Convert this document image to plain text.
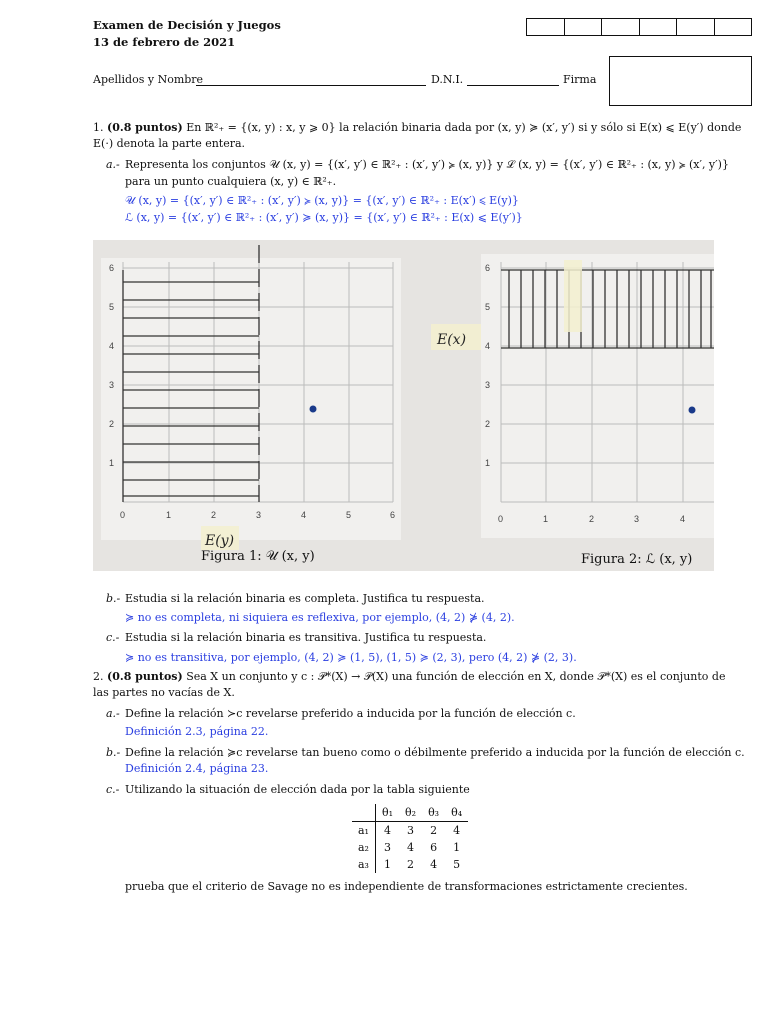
Examen de Decisión y Juegos
13 de febrero de 2021
Apellidos y Nombre	D.N.I.	Firma
1. (0.8 puntos) En ℝ²₊ = {(x, y) : x, y ⩾ 0} la relación binaria dada por (x, y) ≽ (x′, y′) si y sólo si E(x) ⩽ E(y′) donde
E(·) denota la parte entera.
a.- Representa los conjuntos 𝒰 (x, y) = {(x′, y′) ∈ ℝ²₊ : (x′, y′) ≽ (x, y)} y ℒ (x, y) = {(x′, y′) ∈ ℝ²₊ : (x, y) ≽ (x′, y′)}
para un punto cualquiera (x, y) ∈ ℝ²₊.
𝒰 (x, y) = {(x′, y′) ∈ ℝ²₊ : (x′, y′) ≽ (x, y)} = {(x′, y′) ∈ ℝ²₊ : E(x′) ⩽ E(y)}
ℒ (x, y) = {(x′, y′) ∈ ℝ²₊ : (x′, y′) ≽ (x, y)} = {(x′, y′) ∈ ℝ²₊ : E(x) ⩽ E(y′)}
0	1	2	3	4	5	6
1
2
3
4
5
6
E(y)
0	1	2	3	4
1
2
3
4
5
6
E(x)
Figura 1: 𝒰 (x, y)	Figura 2: ℒ (x, y)
b.- Estudia si la relación binaria es completa. Justifica tu respuesta.
≽ no es completa, ni siquiera es reflexiva, por ejemplo, (4, 2) ⋡ (4, 2).
c.- Estudia si la relación binaria es transitiva. Justifica tu respuesta.
≽ no es transitiva, por ejemplo, (4, 2) ≽ (1, 5), (1, 5) ≽ (2, 3), pero (4, 2) ⋡ (2, 3).
2. (0.8 puntos) Sea X un conjunto y c : 𝒫*(X) → 𝒫(X) una función de elección en X, donde 𝒫*(X) es el conjunto de
las partes no vacías de X.
a.- Define la relación ≻c revelarse preferido a inducida por la función de elección c.
Definición 2.3, página 22.
b.- Define la relación ≽c revelarse tan bueno como o débilmente preferido a inducida por la función de elección c.
Definición 2.4, página 23.
c.- Utilizando la situación de elección dada por la tabla siguiente
	θ₁	θ₂	θ₃	θ₄
a₁	4	3	2	4
a₂	3	4	6	1
a₃	1	2	4	5
prueba que el criterio de Savage no es independiente de transformaciones estrictamente crecientes.
